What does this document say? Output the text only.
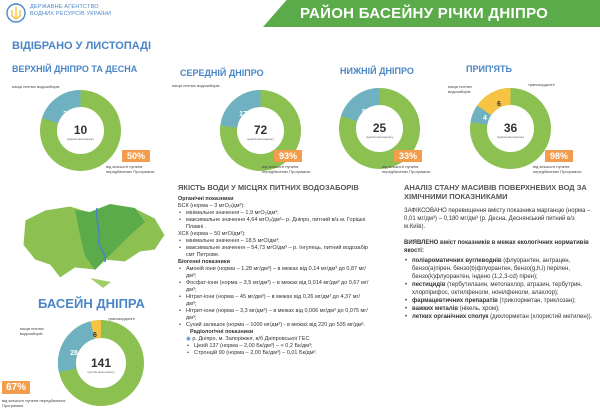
ДЕРЖАВНЕ АГЕНТСТВО
ВОДНИХ РЕСУРСІВ УКРАЇНИ	РАЙОН БАСЕЙНУ РІЧКИ ДНІПРО
ВІДІБРАНО У ЛИСТОПАДІ
ВЕРХНІЙ ДНІПРО ТА ДЕСНА
місця питних водозаборів
10
пунктів моніторингу
2
50%
від кількості пунктів передбачених Програмою
СЕРЕДНІЙ ДНІПРО
місця питних водозаборів
72
пунктів моніторингу
17
93%
від кількості пунктів передбачених Програмою
НИЖНІЙ ДНІПРО
25
пунктів моніторингу
5
33%
від кількості пунктів передбачених Програмою
ПРИП'ЯТЬ
місця питних водозаборів
транскордонні
36
пунктів моніторингу
6
4
98%
від кількості пунктів передбачених Програмою
БАСЕЙН ДНІПРА
місця питних водозаборів
транскордонні
141
пунктів моніторингу
6
28
67%
від кількості пунктів передбачених Програмою
ЯКІСТЬ ВОДИ У МІСЦЯХ ПИТНИХ ВОДОЗАБОРІВ
Органічні показники
БСК (норма – 3 мгО₂/дм³):
• мінімальне значення – 1,9 мгО₂/дм³;
• максимальне значення 4,64 мгО₂/дм³– р. Дніпро, питний в/з м. Горішні Плавні .
ХСК (норма – 50 мгО/дм³):
• мінімальне значення – 18,5 мгО/дм³;
• максимальне значення – 54,73 мгО/дм³ – р. Інгулець, питний водозабір смт Петрове.
Біогенні показники
• Амоній іони (норма – 1,28 мг/дм³) – в межах від 0,14 мг/дм³ до 0,87 мг/дм³;
• Фосфат-іони (норма – 3,5 мг/дм³) – в межах від 0,014 мг/дм³ до 0,67 мг/дм³;
• Нітрат-іони (норма – 45 мг/дм³) – в межах від 0,26 мг/дм³ до 4,37 мг/дм³;
• Нітрит-іони (норма – 3,3 мг/дм³) – в межах від 0,006 мг/дм³ до 0,075 мг/дм³;
• Сухий залишок (норма – 1000 мг/дм³) - в межах від 220 до 535 мг/дм³.
Радіологічні показники
◉ р. Дніпро, м. Запоріжжя, в/б Дніпровської ГЕС
• Цезій 137 (норма – 2,00 Бк/дм³) – < 0,2 Бк/дм³;
• Стронцій 90 (норма – 2,00 Бк/дм³) – 0,01 Бк/дм³.
АНАЛІЗ СТАНУ МАСИВІВ ПОВЕРХНЕВИХ ВОД ЗА ХІМІЧНИМИ ПОКАЗНИКАМИ
ЗАФІКСОВАНО перевищення вмісту показника марганцю (норма – 0,01 мг/дм³) – 0,180 мг/дм³ (р. Десна, Деснянський питний в/з м.Київ).
ВИЯВЛЕНО вміст показників в межах екологічних нормативів якості:
• поліароматичних вуглеводнів (флуорантен, антрацен, бензо(а)пірен, бензо(b)флуорантен, бензо(g,h,i) перілен, бензо(k)флуорантен, індено (1,2,3-cd) пірен);
• пестицидів (тербутилазин, метолахлор, атразин, тербутрин, хлорпірифос, октилфеноли, нонілфеноли, алахлор);
• фармацевтичних препаратів (триклорметан, триклозан);
• важких металів (нікель, хром);
• летких органічних сполук (дихлорметан (хлористий метилен)).
